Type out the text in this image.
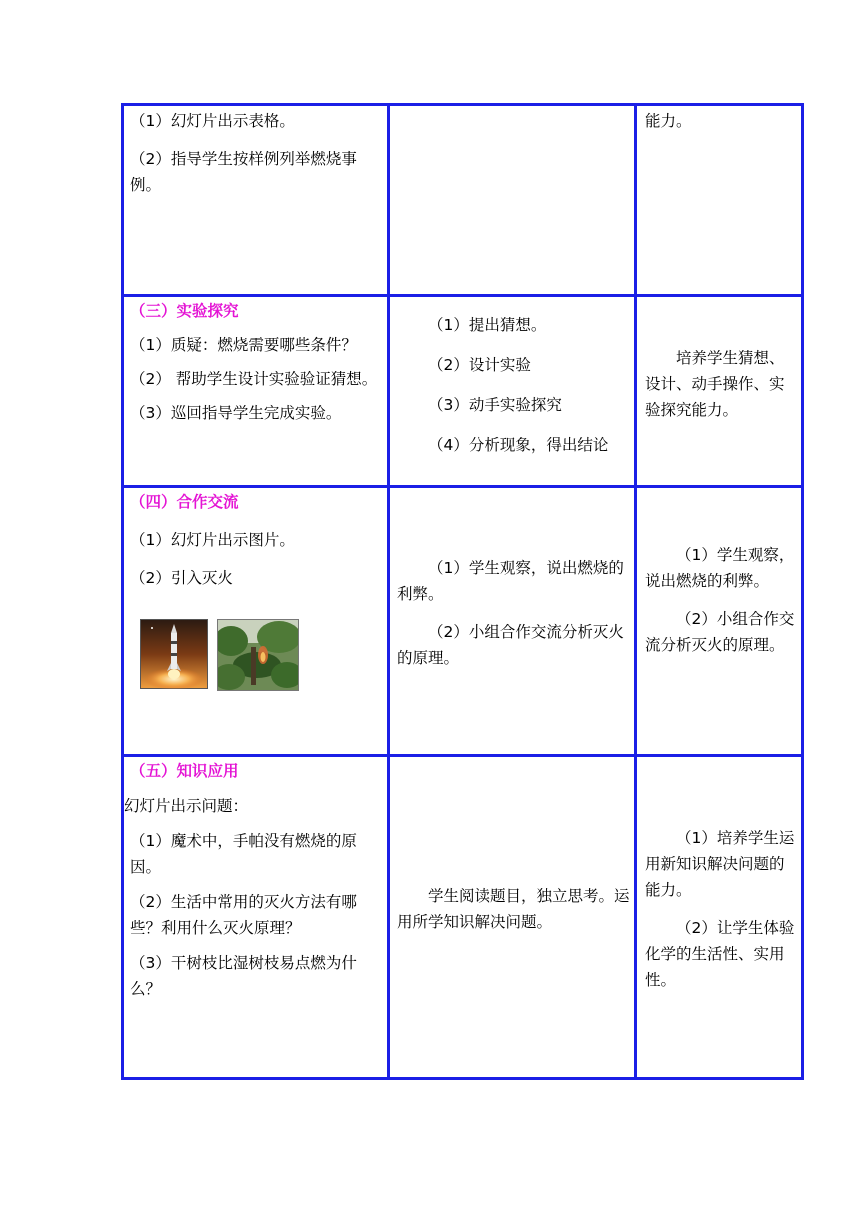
（1）幻灯片出示表格。

（2）指导学生按样例列举燃烧事例。

能力。

（三）实验探究

（1）质疑：燃烧需要哪些条件？

（2） 帮助学生设计实验验证猜想。

（3）巡回指导学生完成实验。

（1）提出猜想。

（2）设计实验

（3）动手实验探究

（4）分析现象，得出结论

培养学生猜想、设计、动手操作、实验探究能力。

（四）合作交流

（1）幻灯片出示图片。

（2）引入灭火

（1）学生观察，说出燃烧的利弊。

（2）小组合作交流分析灭火的原理。

（1）学生观察，说出燃烧的利弊。

（2）小组合作交流分析灭火的原理。

（五）知识应用

幻灯片出示问题：

（1）魔术中，手帕没有燃烧的原因。

（2）生活中常用的灭火方法有哪些？利用什么灭火原理？

（3）干树枝比湿树枝易点燃为什么？

学生阅读题目，独立思考。运用所学知识解决问题。

（1）培养学生运用新知识解决问题的能力。

（2）让学生体验化学的生活性、实用性。
